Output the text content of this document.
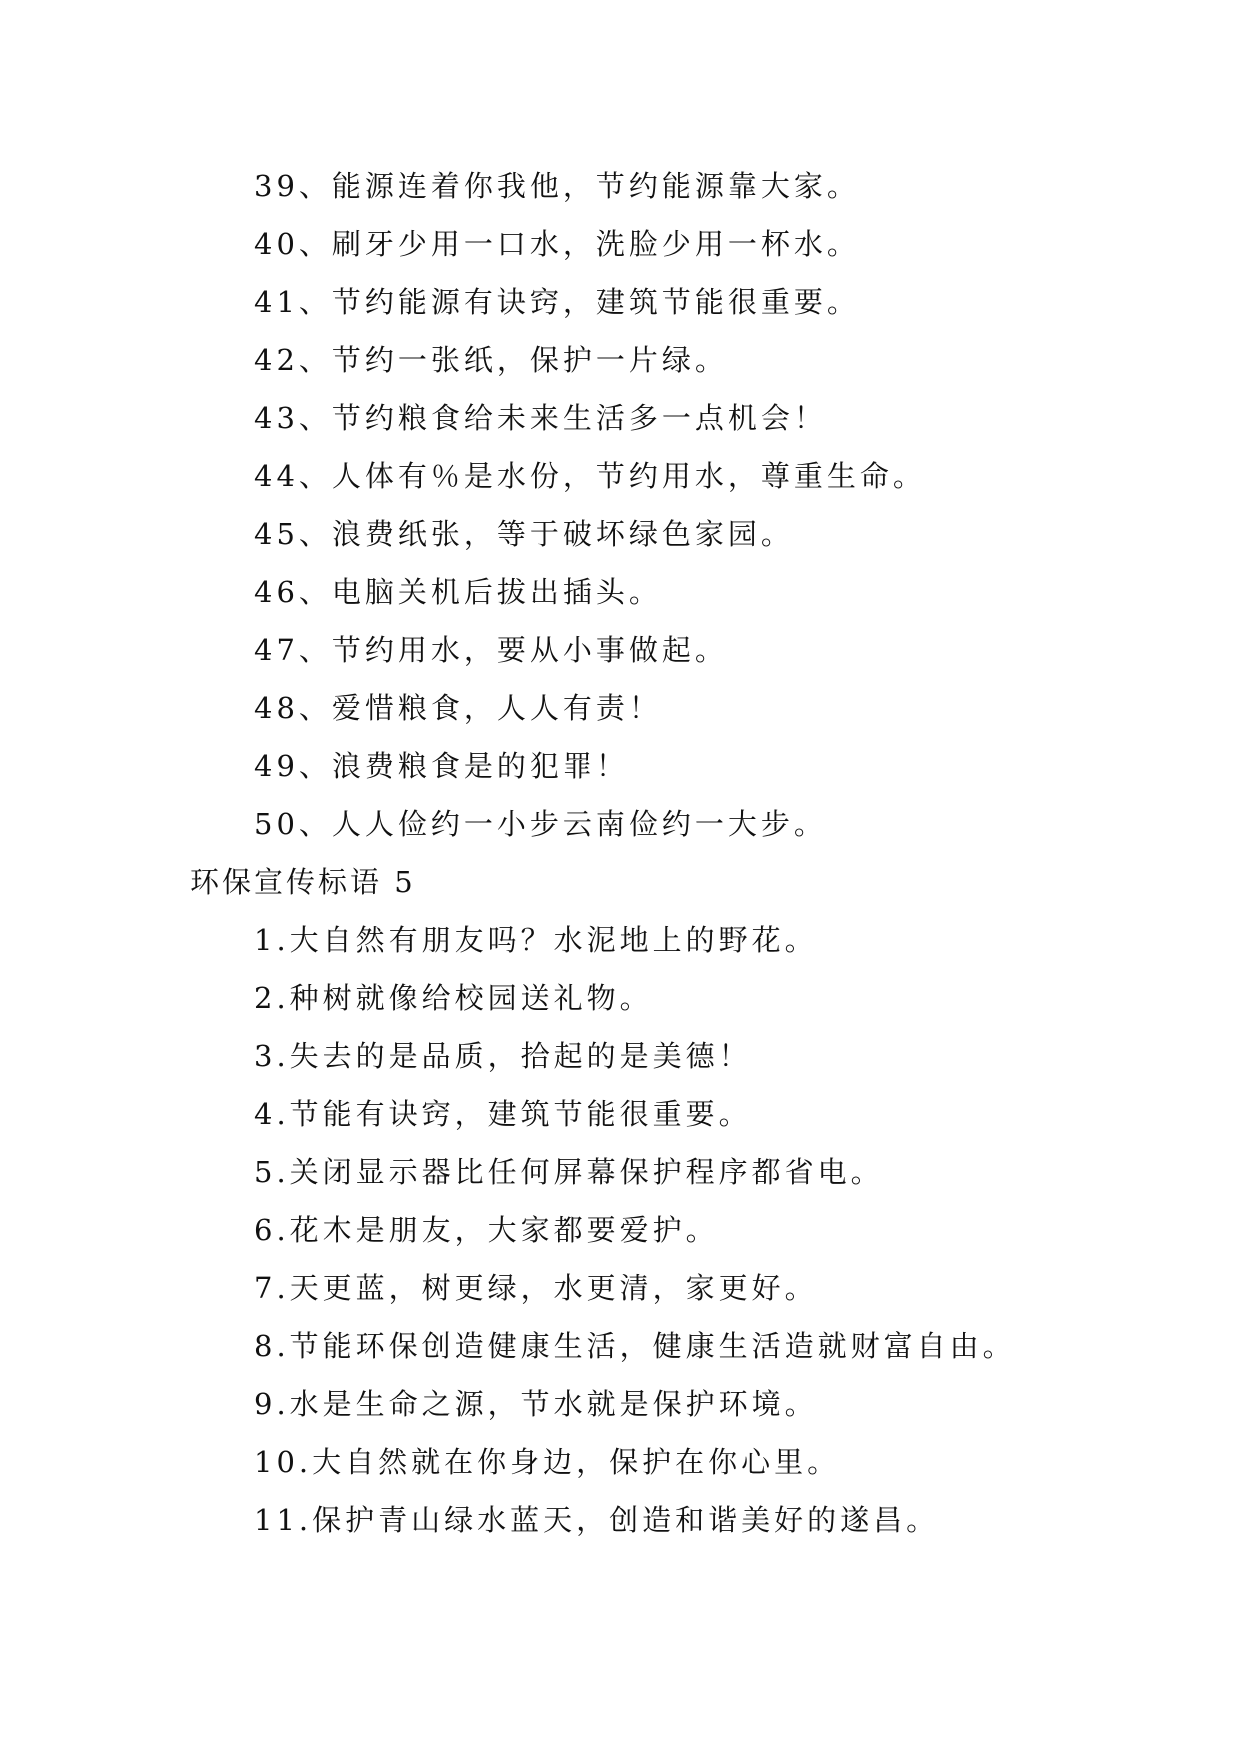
39、能源连着你我他，节约能源靠大家。
40、刷牙少用一口水，洗脸少用一杯水。
41、节约能源有诀窍，建筑节能很重要。
42、节约一张纸，保护一片绿。
43、节约粮食给未来生活多一点机会！
44、人体有％是水份，节约用水，尊重生命。
45、浪费纸张，等于破坏绿色家园。
46、电脑关机后拔出插头。
47、节约用水，要从小事做起。
48、爱惜粮食，人人有责！
49、浪费粮食是的犯罪！
50、人人俭约一小步云南俭约一大步。
环保宣传标语 5
1.大自然有朋友吗？水泥地上的野花。
2.种树就像给校园送礼物。
3.失去的是品质，拾起的是美德！
4.节能有诀窍，建筑节能很重要。
5.关闭显示器比任何屏幕保护程序都省电。
6.花木是朋友，大家都要爱护。
7.天更蓝，树更绿，水更清，家更好。
8.节能环保创造健康生活，健康生活造就财富自由。
9.水是生命之源，节水就是保护环境。
10.大自然就在你身边，保护在你心里。
11.保护青山绿水蓝天，创造和谐美好的遂昌。
